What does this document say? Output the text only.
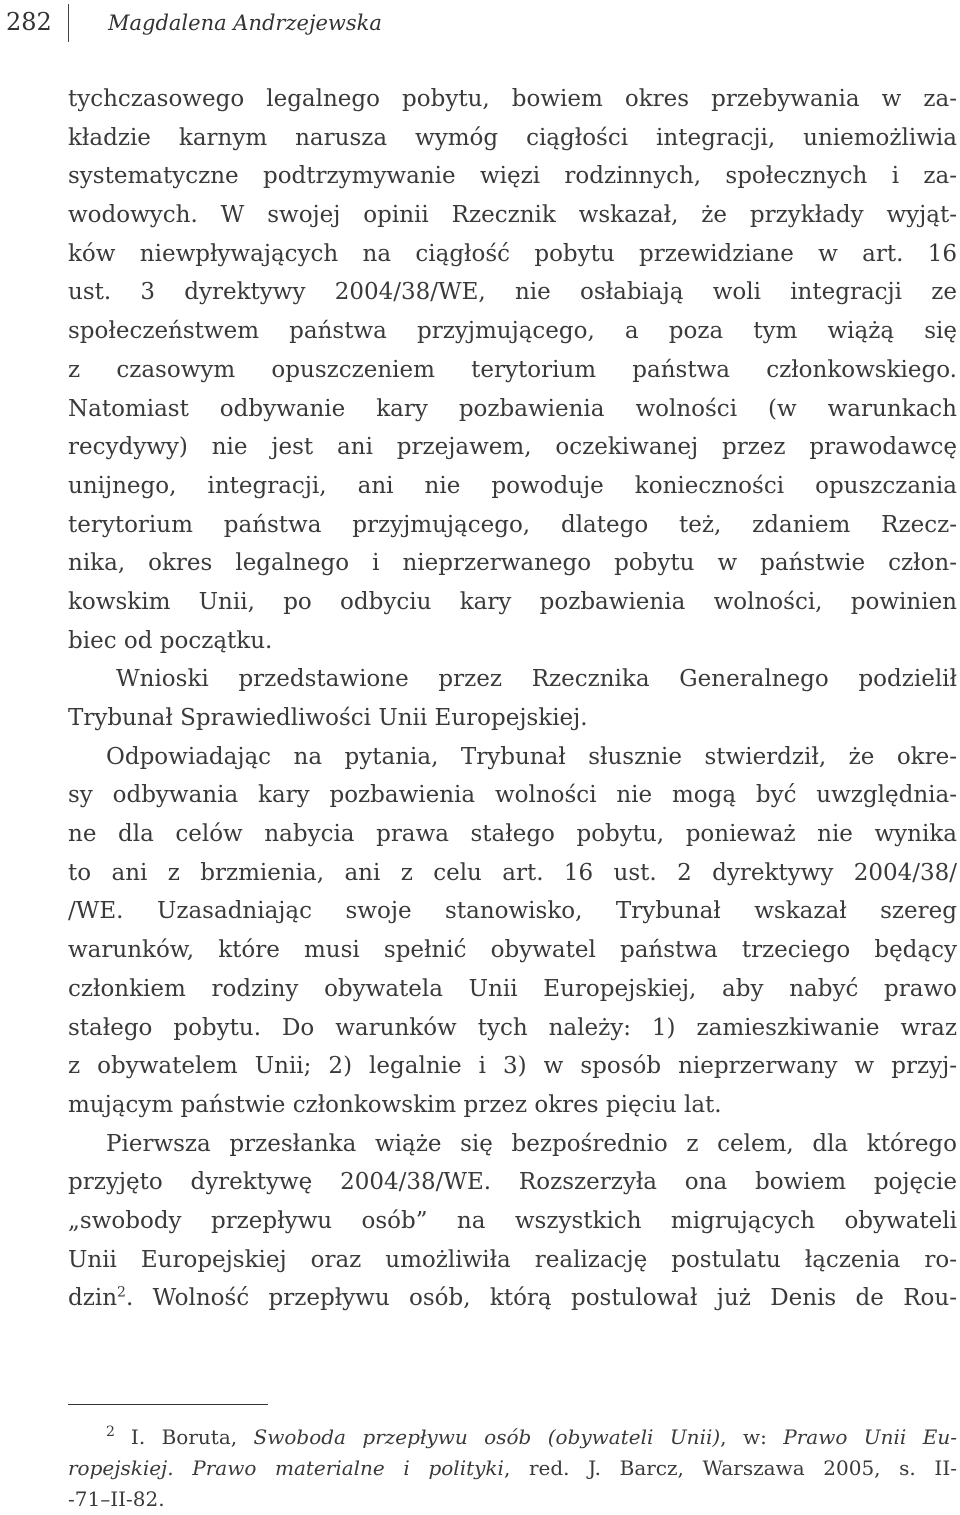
282	Magdalena Andrzejewska
tychczasowego legalnego pobytu, bowiem okres przebywania w za-
kładzie karnym narusza wymóg ciągłości integracji, uniemożliwia
systematyczne podtrzymywanie więzi rodzinnych, społecznych i za-
wodowych. W swojej opinii Rzecznik wskazał, że przykłady wyjąt-
ków niewpływających na ciągłość pobytu przewidziane w art. 16
ust. 3 dyrektywy 2004/38/WE, nie osłabiają woli integracji ze
społeczeństwem państwa przyjmującego, a poza tym wiążą się
z czasowym opuszczeniem terytorium państwa członkowskiego.
Natomiast odbywanie kary pozbawienia wolności (w warunkach
recydywy) nie jest ani przejawem, oczekiwanej przez prawodawcę
unijnego, integracji, ani nie powoduje konieczności opuszczania
terytorium państwa przyjmującego, dlatego też, zdaniem Rzecz-
nika, okres legalnego i nieprzerwanego pobytu w państwie człon-
kowskim Unii, po odbyciu kary pozbawienia wolności, powinien
biec od początku.
Wnioski przedstawione przez Rzecznika Generalnego podzielił
Trybunał Sprawiedliwości Unii Europejskiej.
Odpowiadając na pytania, Trybunał słusznie stwierdził, że okre-
sy odbywania kary pozbawienia wolności nie mogą być uwzględnia-
ne dla celów nabycia prawa stałego pobytu, ponieważ nie wynika
to ani z brzmienia, ani z celu art. 16 ust. 2 dyrektywy 2004/38/
/WE. Uzasadniając swoje stanowisko, Trybunał wskazał szereg
warunków, które musi spełnić obywatel państwa trzeciego będący
członkiem rodziny obywatela Unii Europejskiej, aby nabyć prawo
stałego pobytu. Do warunków tych należy: 1) zamieszkiwanie wraz
z obywatelem Unii; 2) legalnie i 3) w sposób nieprzerwany w przyj-
mującym państwie członkowskim przez okres pięciu lat.
Pierwsza przesłanka wiąże się bezpośrednio z celem, dla którego
przyjęto dyrektywę 2004/38/WE. Rozszerzyła ona bowiem pojęcie
„swobody przepływu osób” na wszystkich migrujących obywateli
Unii Europejskiej oraz umożliwiła realizację postulatu łączenia ro-
dzin$^2$. Wolność przepływu osób, którą postulował już Denis de Rou-
$^2$ I. Boruta, Swoboda przepływu osób (obywateli Unii), w: Prawo Unii Eu-
ropejskiej. Prawo materialne i polityki, red. J. Barcz, Warszawa 2005, s. II-
-71–II-82.
